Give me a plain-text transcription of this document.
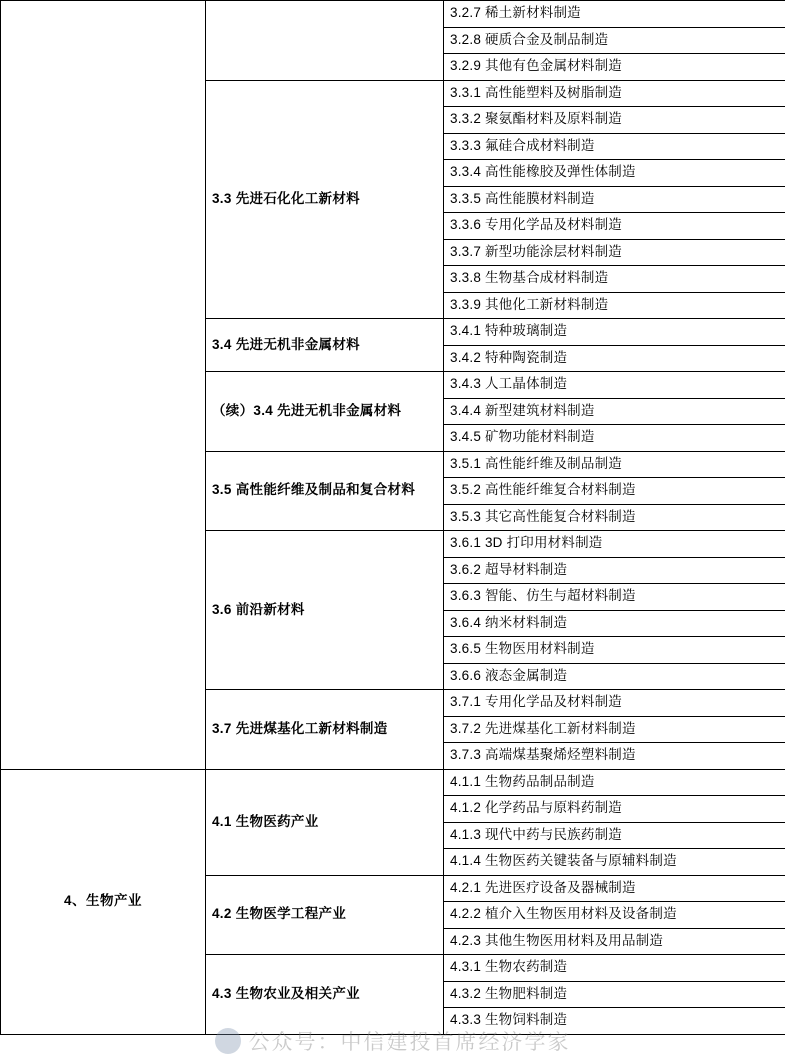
		3.2.7 稀土新材料制造
		3.2.8 硬质合金及制品制造
		3.2.9 其他有色金属材料制造
	3.3 先进石化化工新材料	3.3.1 高性能塑料及树脂制造
		3.3.2 聚氨酯材料及原料制造
		3.3.3 氟硅合成材料制造
		3.3.4 高性能橡胶及弹性体制造
		3.3.5 高性能膜材料制造
		3.3.6 专用化学品及材料制造
		3.3.7 新型功能涂层材料制造
		3.3.8 生物基合成材料制造
		3.3.9 其他化工新材料制造
	3.4 先进无机非金属材料	3.4.1 特种玻璃制造
		3.4.2 特种陶瓷制造
	（续）3.4 先进无机非金属材料	3.4.3 人工晶体制造
		3.4.4 新型建筑材料制造
		3.4.5 矿物功能材料制造
	3.5 高性能纤维及制品和复合材料	3.5.1 高性能纤维及制品制造
		3.5.2 高性能纤维复合材料制造
		3.5.3 其它高性能复合材料制造
	3.6 前沿新材料	3.6.1 3D 打印用材料制造
		3.6.2 超导材料制造
		3.6.3 智能、仿生与超材料制造
		3.6.4 纳米材料制造
		3.6.5 生物医用材料制造
		3.6.6 液态金属制造
	3.7 先进煤基化工新材料制造	3.7.1 专用化学品及材料制造
		3.7.2 先进煤基化工新材料制造
		3.7.3 高端煤基聚烯烃塑料制造
4、生物产业	4.1 生物医药产业	4.1.1 生物药品制品制造
		4.1.2 化学药品与原料药制造
		4.1.3 现代中药与民族药制造
		4.1.4 生物医药关键装备与原辅料制造
	4.2 生物医学工程产业	4.2.1 先进医疗设备及器械制造
		4.2.2 植介入生物医用材料及设备制造
		4.2.3 其他生物医用材料及用品制造
	4.3 生物农业及相关产业	4.3.1 生物农药制造
		4.3.2 生物肥料制造
		4.3.3 生物饲料制造
公众号：中信建投首席经济学家
